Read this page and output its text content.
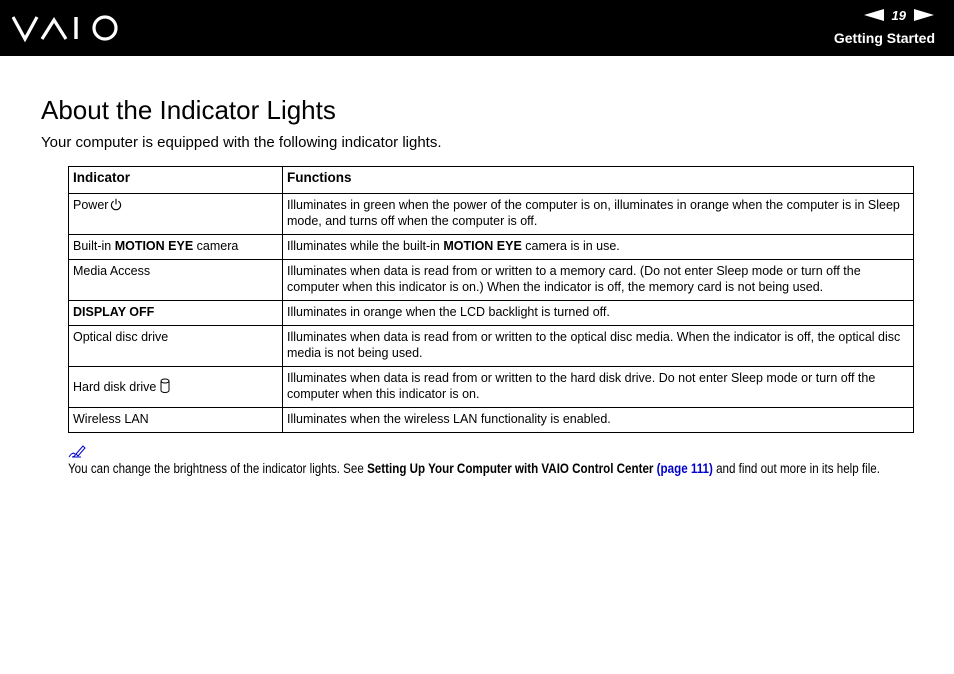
19
Getting Started
About the Indicator Lights

Your computer is equipped with the following indicator lights.

Indicator	Functions
Power	Illuminates in green when the power of the computer is on, illuminates in orange when the computer is in Sleep mode, and turns off when the computer is off.
Built-in MOTION EYE camera	Illuminates while the built-in MOTION EYE camera is in use.
Media Access	Illuminates when data is read from or written to a memory card. (Do not enter Sleep mode or turn off the computer when this indicator is on.) When the indicator is off, the memory card is not being used.
DISPLAY OFF	Illuminates in orange when the LCD backlight is turned off.
Optical disc drive	Illuminates when data is read from or written to the optical disc media. When the indicator is off, the optical disc media is not being used.
Hard disk drive	Illuminates when data is read from or written to the hard disk drive. Do not enter Sleep mode or turn off the computer when this indicator is on.
Wireless LAN	Illuminates when the wireless LAN functionality is enabled.

You can change the brightness of the indicator lights. See Setting Up Your Computer with VAIO Control Center (page 111) and find out more in its help file.
